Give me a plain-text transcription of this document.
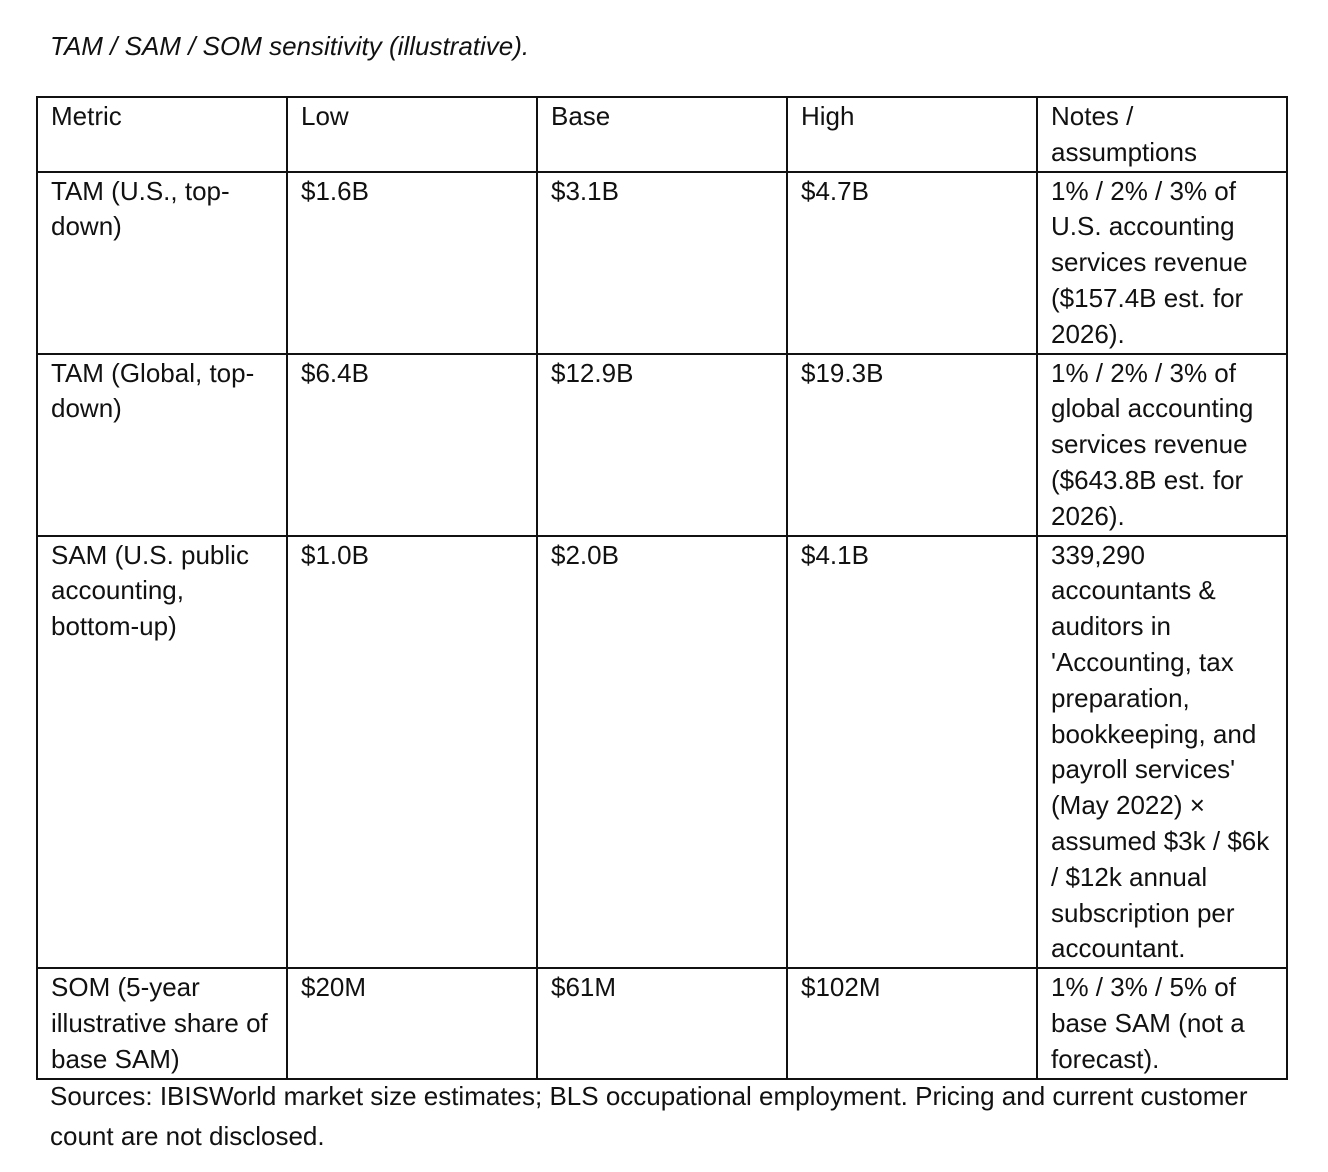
TAM / SAM / SOM sensitivity (illustrative).
Metric	Low	Base	High	Notes / assumptions
TAM (U.S., top-down)	$1.6B	$3.1B	$4.7B	1% / 2% / 3% of U.S. accounting services revenue ($157.4B est. for 2026).
TAM (Global, top-down)	$6.4B	$12.9B	$19.3B	1% / 2% / 3% of global accounting services revenue ($643.8B est. for 2026).
SAM (U.S. public accounting, bottom-up)	$1.0B	$2.0B	$4.1B	339,290 accountants & auditors in 'Accounting, tax preparation, bookkeeping, and payroll services' (May 2022) × assumed $3k / $6k / $12k annual subscription per accountant.
SOM (5-year illustrative share of base SAM)	$20M	$61M	$102M	1% / 3% / 5% of base SAM (not a forecast).
Sources: IBISWorld market size estimates; BLS occupational employment. Pricing and current customer count are not disclosed.
